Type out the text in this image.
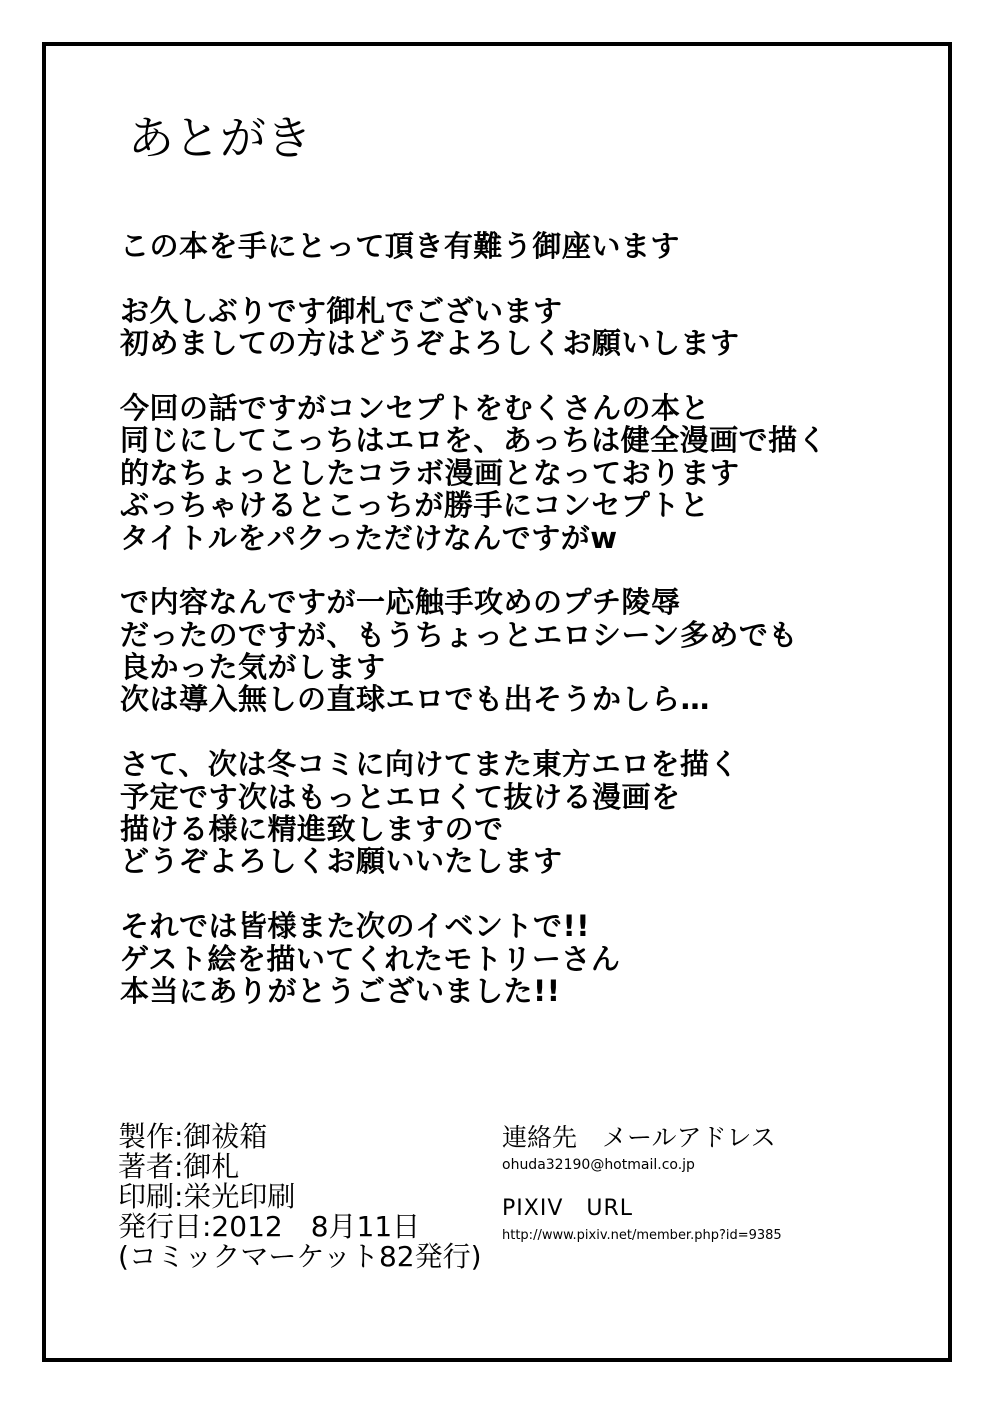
あとがき
この本を手にとって頂き有難う御座います
お久しぶりです御札でございます
初めましての方はどうぞよろしくお願いします
今回の話ですがコンセプトをむくさんの本と
同じにしてこっちはエロを、あっちは健全漫画で描く
的なちょっとしたコラボ漫画となっております
ぶっちゃけるとこっちが勝手にコンセプトと
タイトルをパクっただけなんですがw
で内容なんですが一応触手攻めのプチ陵辱
だったのですが、もうちょっとエロシーン多めでも
良かった気がします
次は導入無しの直球エロでも出そうかしら…
さて、次は冬コミに向けてまた東方エロを描く
予定です次はもっとエロくて抜ける漫画を
描ける様に精進致しますので
どうぞよろしくお願いいたします
それでは皆様また次のイベントで!!
ゲスト絵を描いてくれたモトリーさん
本当にありがとうございました!!
製作:御祓箱
著者:御札
印刷:栄光印刷
発行日:2012　8月11日
(コミックマーケット82発行)
連絡先　メールアドレス
ohuda32190@hotmail.co.jp
PIXIV　URL
http://www.pixiv.net/member.php?id=9385
